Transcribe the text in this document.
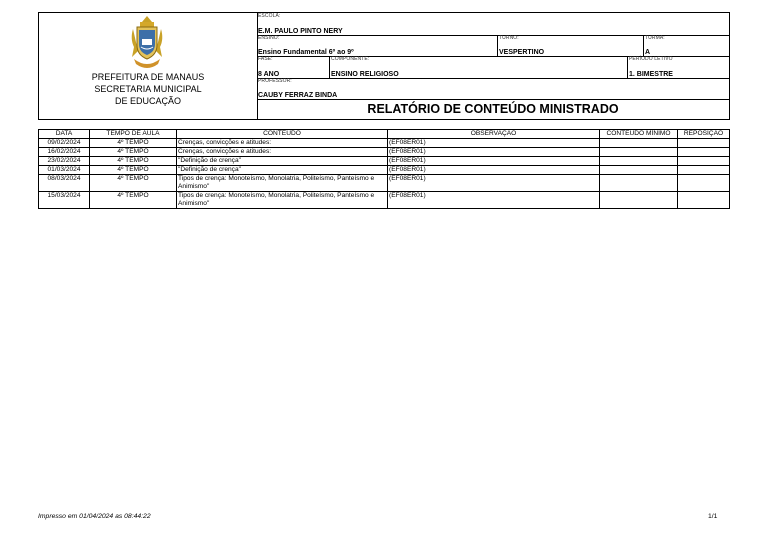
PREFEITURA DE MANAUS
SECRETARIA MUNICIPAL
DE EDUCAÇÃO
ESCOLA:
E.M. PAULO PINTO NERY
ENSINO:
Ensino Fundamental 6º ao 9º
TURNO:
VESPERTINO
TURMA:
A
FASE:
8 ANO
COMPONENTE:
ENSINO RELIGIOSO
PERÍODO LETIVO
1. BIMESTRE
PROFESSOR:
CAUBY FERRAZ BINDA
RELATÓRIO DE CONTEÚDO MINISTRADO
DATA	TEMPO DE AULA	CONTEÚDO	OBSERVAÇÃO	CONTEÚDO MÍNIMO	REPOSIÇÃO
09/02/2024	4º TEMPO	Crenças, convicções e atitudes:	(EF08ER01)		
16/02/2024	4º TEMPO	Crenças, convicções e atitudes:	(EF08ER01)		
23/02/2024	4º TEMPO	"Definição de crença"	(EF08ER01)		
01/03/2024	4º TEMPO	"Definição de crença"	(EF08ER01)		
08/03/2024	4º TEMPO	Tipos de crença: Monoteísmo, Monolatria, Politeísmo, Panteísmo e Animismo"	(EF08ER01)		
15/03/2024	4º TEMPO	Tipos de crença: Monoteísmo, Monolatria, Politeísmo, Panteísmo e Animismo"	(EF08ER01)		
Impresso em 01/04/2024 as 08:44:22	1/1
